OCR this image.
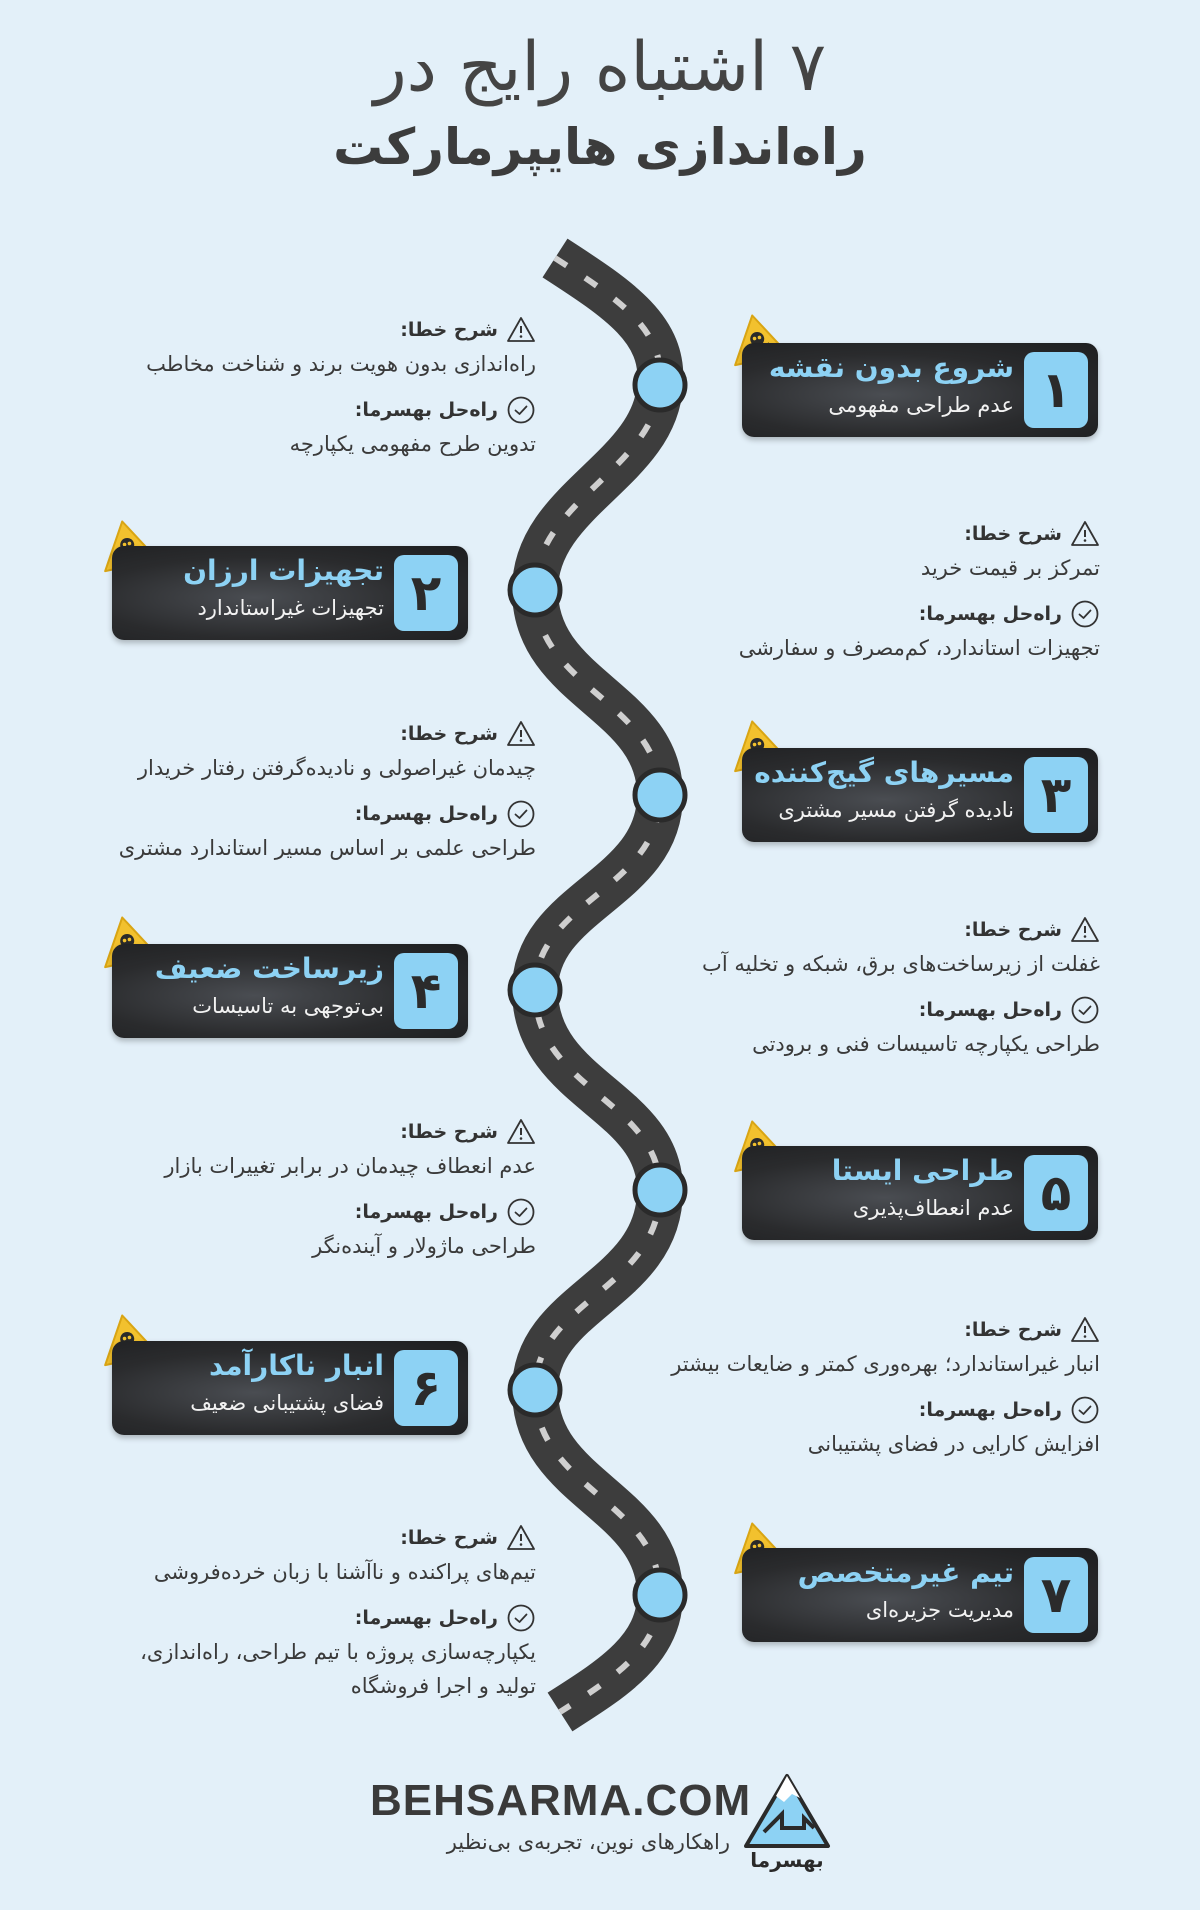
۷ اشتباه رایج در
راه‌اندازی هایپرمارکت
۱
شروع بدون نقشه
عدم طراحی مفهومی
شرح خطا:
راه‌اندازی بدون هویت برند و شناخت مخاطب
راه‌حل بهسرما:
تدوین طرح مفهومی یکپارچه
۲
تجهیزات ارزان
تجهیزات غیراستاندارد
شرح خطا:
تمرکز بر قیمت خرید
راه‌حل بهسرما:
تجهیزات استاندارد، کم‌مصرف و سفارشی
۳
مسیرهای گیج‌کننده
نادیده گرفتن مسیر مشتری
شرح خطا:
چیدمان غیراصولی و نادیده‌گرفتن رفتار خریدار
راه‌حل بهسرما:
طراحی علمی بر اساس مسیر استاندارد مشتری
۴
زیرساخت ضعیف
بی‌توجهی به تاسیسات
شرح خطا:
غفلت از زیرساخت‌های برق، شبکه و تخلیه آب
راه‌حل بهسرما:
طراحی یکپارچه تاسیسات فنی و برودتی
۵
طراحی ایستا
عدم انعطاف‌پذیری
شرح خطا:
عدم انعطاف چیدمان در برابر تغییرات بازار
راه‌حل بهسرما:
طراحی ماژولار و آینده‌نگر
۶
انبار ناکارآمد
فضای پشتیبانی ضعیف
شرح خطا:
انبار غیراستاندارد؛ بهره‌وری کمتر و ضایعات بیشتر
راه‌حل بهسرما:
افزایش کارایی در فضای پشتیبانی
۷
تیم غیرمتخصص
مدیریت جزیره‌ای
شرح خطا:
تیم‌های پراکنده و ناآشنا با زبان خرده‌فروشی
راه‌حل بهسرما:
یکپارچه‌سازی پروژه با تیم طراحی، راه‌اندازی،
تولید و اجرا فروشگاه
BEHSARMA.COM
راهکارهای نوین، تجربه‌ی بی‌نظیر
بهسرما
